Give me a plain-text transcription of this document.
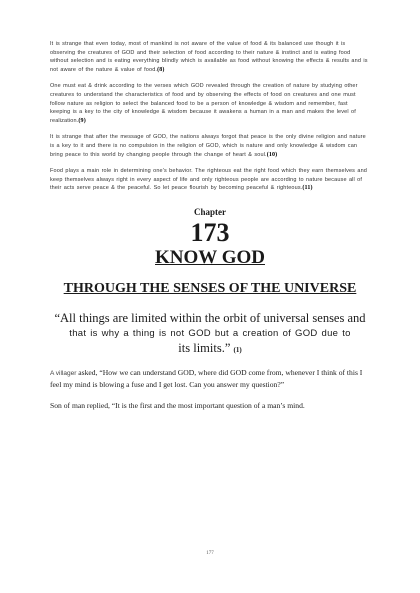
It is strange that even today, most of mankind is not aware of the value of food & its balanced use though it is observing the creatures of GOD and their selection of food according to their nature & instinct and is eating food without selection and is eating everything blindly which is available as food without knowing the effects & results and is not aware of the nature & value of food.(8)

One must eat & drink according to the verses which GOD revealed through the creation of nature by studying other creatures to understand the characteristics of food and by observing the effects of food on creatures and one must follow nature as religion to select the balanced food to be a person of knowledge & wisdom and remember, fast keeping is a key to the city of knowledge & wisdom because it awakens a human in a man and makes the level of realization.(9)

It is strange that after the message of GOD, the nations always forgot that peace is the only divine religion and nature is a key to it and there is no compulsion in the religion of GOD, which is nature and only knowledge & wisdom can bring peace to this world by changing people through the change of heart & soul.(10)

Food plays a main role in determining one's behavior. The righteous eat the right food which they earn themselves and keep themselves always right in every aspect of life and only righteous people are according to nature because all of their acts serve peace & the peaceful. So let peace flourish by becoming peaceful & righteous.(11)

Chapter
173
KNOW GOD
THROUGH THE SENSES OF THE UNIVERSE

“All things are limited within the orbit of universal senses and
that is why a thing is not GOD but a creation of GOD due to
its limits.” (1)

A villager asked, “How we can understand GOD, where did GOD come from, whenever I think of this I feel my mind is blowing a fuse and I get lost. Can you answer my question?”

Son of man replied, “It is the first and the most important question of a man’s mind.

177
